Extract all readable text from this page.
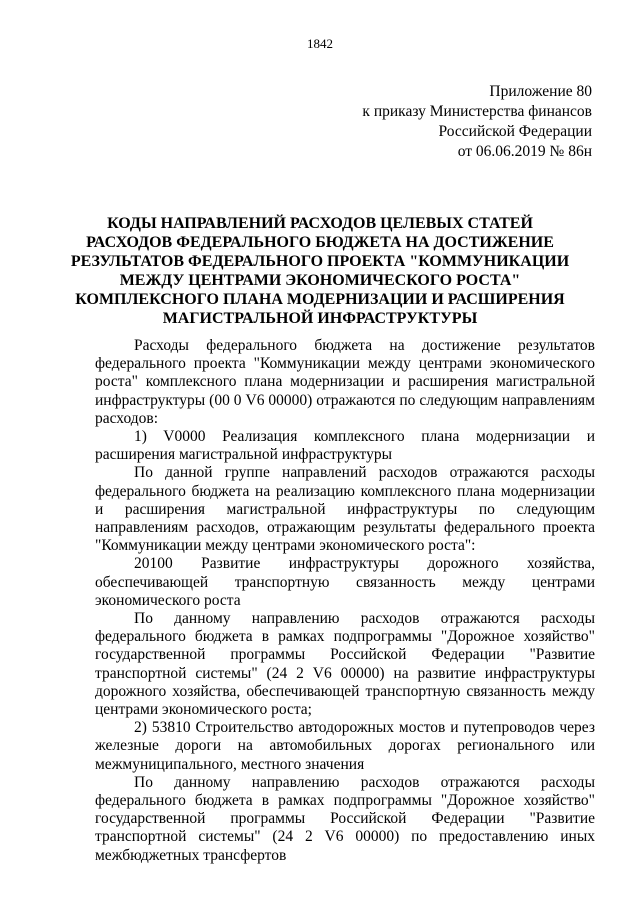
1842
Приложение 80
к приказу Министерства финансов
Российской Федерации
от 06.06.2019 № 86н
КОДЫ НАПРАВЛЕНИЙ РАСХОДОВ ЦЕЛЕВЫХ СТАТЕЙ
РАСХОДОВ ФЕДЕРАЛЬНОГО БЮДЖЕТА НА ДОСТИЖЕНИЕ
РЕЗУЛЬТАТОВ ФЕДЕРАЛЬНОГО ПРОЕКТА "КОММУНИКАЦИИ
МЕЖДУ ЦЕНТРАМИ ЭКОНОМИЧЕСКОГО РОСТА"
КОМПЛЕКСНОГО ПЛАНА МОДЕРНИЗАЦИИ И РАСШИРЕНИЯ
МАГИСТРАЛЬНОЙ ИНФРАСТРУКТУРЫ

Расходы федерального бюджета на достижение результатов федерального проекта "Коммуникации между центрами экономического роста" комплексного плана модернизации и расширения магистральной инфраструктуры (00 0 V6 00000) отражаются по следующим направлениям расходов:

1) V0000 Реализация комплексного плана модернизации и расширения магистральной инфраструктуры

По данной группе направлений расходов отражаются расходы федерального бюджета на реализацию комплексного плана модернизации и расширения магистральной инфраструктуры по следующим направлениям расходов, отражающим результаты федерального проекта "Коммуникации между центрами экономического роста":

20100 Развитие инфраструктуры дорожного хозяйства, обеспечивающей транспортную связанность между центрами экономического роста

По данному направлению расходов отражаются расходы федерального бюджета в рамках подпрограммы "Дорожное хозяйство" государственной программы Российской Федерации "Развитие транспортной системы" (24 2 V6 00000) на развитие инфраструктуры дорожного хозяйства, обеспечивающей транспортную связанность между центрами экономического роста;

2) 53810 Строительство автодорожных мостов и путепроводов через железные дороги на автомобильных дорогах регионального или межмуниципального, местного значения

По данному направлению расходов отражаются расходы федерального бюджета в рамках подпрограммы "Дорожное хозяйство" государственной программы Российской Федерации "Развитие транспортной системы" (24 2 V6 00000) по предоставлению иных межбюджетных трансфертов
